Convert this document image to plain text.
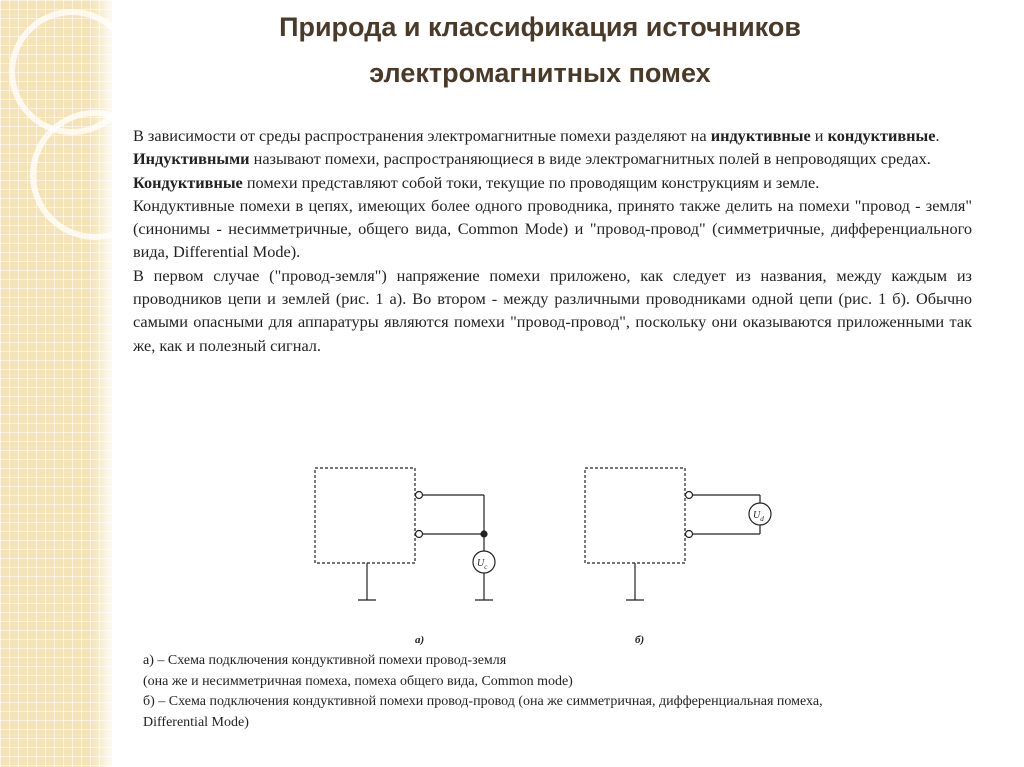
Природа и классификация источников
электромагнитных помех

В зависимости от среды распространения электромагнитные помехи разделяют на индуктивные и кондуктивные.

Индуктивными называют помехи, распространяющиеся в виде электромагнитных полей в непроводящих средах.

Кондуктивные помехи представляют собой токи, текущие по проводящим конструкциям и земле.

Кондуктивные помехи в цепях, имеющих более одного проводника, принято также делить на помехи "провод - земля" (синонимы - несимметричные, общего вида, Common Mode) и "провод-провод" (симметричные, дифференциального вида, Differential Mode).

В первом случае ("провод-земля") напряжение помехи приложено, как следует из названия, между каждым из проводников цепи и землей (рис. 1 а). Во втором - между различными проводниками одной цепи (рис. 1 б). Обычно самыми опасными для аппаратуры являются помехи "провод-провод", поскольку они оказываются приложенными так же, как и полезный сигнал.

$U_c$
$U_d$
а)	б)

а) – Схема подключения кондуктивной помехи провод-земля

(она же и несимметричная помеха, помеха общего вида, Common mode)

б) – Схема подключения кондуктивной помехи провод-провод (она же симметричная, дифференциальная помеха,

Differential Mode)
